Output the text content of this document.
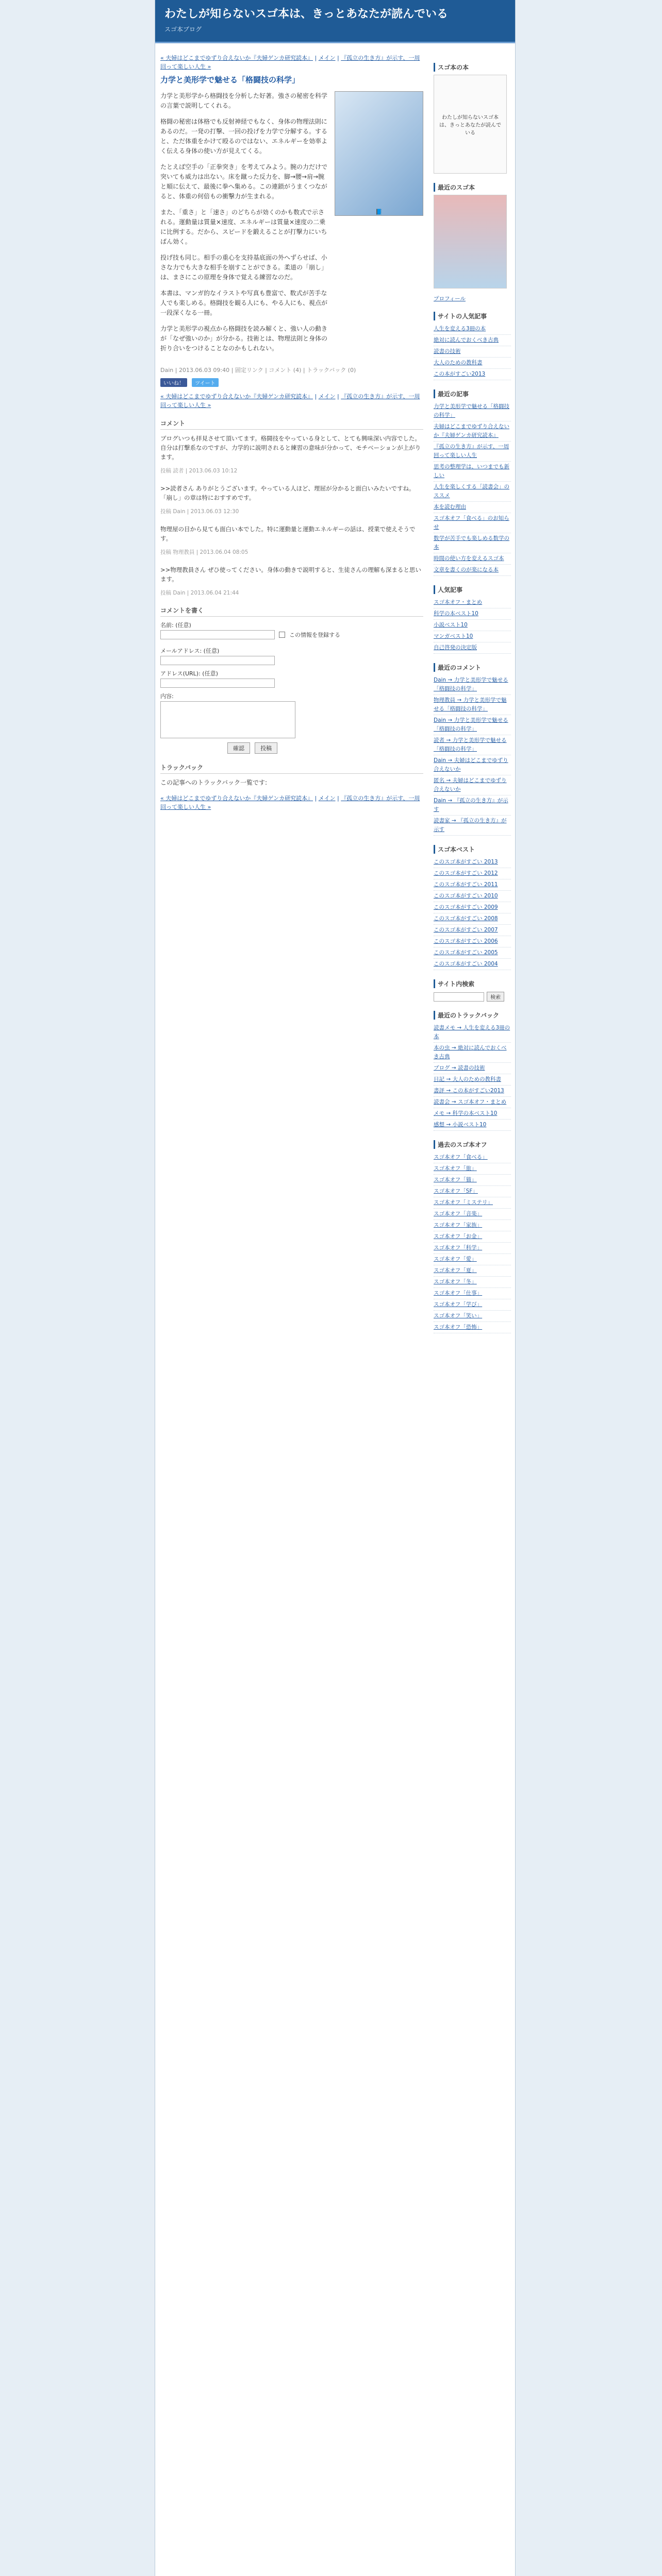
わたしが知らないスゴ本は、きっとあなたが読んでいる

スゴ本ブログ

« 夫婦はどこまでゆずり合えないか『夫婦ゲンカ研究読本』 | メイン | 『孤立の生き方』が示す、一周回って楽しい人生 »
力学と美形学で魅せる「格闘技の科学」
力学と美形学から格闘技を分析した好著。強さの秘密を科学の言葉で説明してくれる。
格闘の秘密は体格でも反射神経でもなく、身体の物理法則にあるのだ。一発の打撃、一回の投げを力学で分解する。すると、ただ体重をかけて殴るのではない、エネルギーを効率よく伝える身体の使い方が見えてくる。
たとえば空手の「正拳突き」を考えてみよう。腕の力だけで突いても威力は出ない。床を蹴った反力を、脚→腰→肩→腕と順に伝えて、最後に拳へ集める。この連鎖がうまくつながると、体重の何倍もの衝撃力が生まれる。
また、「重さ」と「速さ」のどちらが効くのかも数式で示される。運動量は質量×速度、エネルギーは質量×速度の二乗に比例する。だから、スピードを鍛えることが打撃力にいちばん効く。
投げ技も同じ。相手の重心を支持基底面の外へずらせば、小さな力でも大きな相手を崩すことができる。柔道の「崩し」は、まさにこの原理を身体で覚える練習なのだ。
本書は、マンガ的なイラストや写真も豊富で、数式が苦手な人でも楽しめる。格闘技を観る人にも、やる人にも、視点が一段深くなる一冊。
力学と美形学の視点から格闘技を読み解くと、強い人の動きが「なぜ強いのか」が分かる。技術とは、物理法則と身体の折り合いをつけることなのかもしれない。
📘
Dain | 2013.06.03 09:40 | 固定リンク | コメント (4) | トラックバック (0)
いいね！ ツイート
« 夫婦はどこまでゆずり合えないか『夫婦ゲンカ研究読本』 | メイン | 『孤立の生き方』が示す、一周回って楽しい人生 »
コメント
ブログいつも拝見させて頂いてます。格闘技をやっている身として、とても興味深い内容でした。自分は打撃系なのですが、力学的に説明されると練習の意味が分かって、モチベーションが上がります。
投稿 読者 | 2013.06.03 10:12
>>読者さん ありがとうございます。やっている人ほど、理屈が分かると面白いみたいですね。「崩し」の章は特におすすめです。
投稿 Dain | 2013.06.03 12:30
物理屋の目から見ても面白い本でした。特に運動量と運動エネルギーの話は、授業で使えそうです。
投稿 物理教員 | 2013.06.04 08:05
>>物理教員さん ぜひ使ってください。身体の動きで説明すると、生徒さんの理解も深まると思います。
投稿 Dain | 2013.06.04 21:44
コメントを書く
名前: (任意)
この情報を登録する
メールアドレス: (任意)
アドレス(URL): (任意)
内容:
確認	投稿
トラックバック
この記事へのトラックバック一覧です:
« 夫婦はどこまでゆずり合えないか『夫婦ゲンカ研究読本』 | メイン | 『孤立の生き方』が示す、一周回って楽しい人生 »
スゴ本の本
わたしが知らないスゴ本は、きっとあなたが読んでいる
最近のスゴ本
プロフィール
サイトの人気記事
人生を変える3冊の本
絶対に読んでおくべき古典
読書の技術
大人のための教科書
この本がすごい2013
最近の記事
力学と美形学で魅せる「格闘技の科学」
夫婦はどこまでゆずり合えないか『夫婦ゲンカ研究読本』
『孤立の生き方』が示す、一周回って楽しい人生
思考の整理学は、いつまでも新しい
人生を楽しくする「読書会」のススメ
本を読む理由
スゴ本オフ「食べる」のお知らせ
数学が苦手でも楽しめる数学の本
時間の使い方を変えるスゴ本
文章を書くのが楽になる本
人気記事
スゴ本オフ・まとめ
科学の本ベスト10
小説ベスト10
マンガベスト10
自己啓発の決定版
最近のコメント
Dain → 力学と美形学で魅せる「格闘技の科学」
物理教員 → 力学と美形学で魅せる「格闘技の科学」
Dain → 力学と美形学で魅せる「格闘技の科学」
読者 → 力学と美形学で魅せる「格闘技の科学」
Dain → 夫婦はどこまでゆずり合えないか
匿名 → 夫婦はどこまでゆずり合えないか
Dain → 『孤立の生き方』が示す
読書家 → 『孤立の生き方』が示す
スゴ本ベスト
このスゴ本がすごい 2013
このスゴ本がすごい 2012
このスゴ本がすごい 2011
このスゴ本がすごい 2010
このスゴ本がすごい 2009
このスゴ本がすごい 2008
このスゴ本がすごい 2007
このスゴ本がすごい 2006
このスゴ本がすごい 2005
このスゴ本がすごい 2004
サイト内検索
検索
最近のトラックバック
読書メモ → 人生を変える3冊の本
本の虫 → 絶対に読んでおくべき古典
ブログ → 読書の技術
日記 → 大人のための教科書
書評 → この本がすごい2013
読書会 → スゴ本オフ・まとめ
メモ → 科学の本ベスト10
感想 → 小説ベスト10
過去のスゴ本オフ
スゴ本オフ「食べる」
スゴ本オフ「旅」
スゴ本オフ「猫」
スゴ本オフ「SF」
スゴ本オフ「ミステリ」
スゴ本オフ「音楽」
スゴ本オフ「家族」
スゴ本オフ「お金」
スゴ本オフ「科学」
スゴ本オフ「愛」
スゴ本オフ「夏」
スゴ本オフ「冬」
スゴ本オフ「仕事」
スゴ本オフ「学び」
スゴ本オフ「笑い」
スゴ本オフ「恐怖」
